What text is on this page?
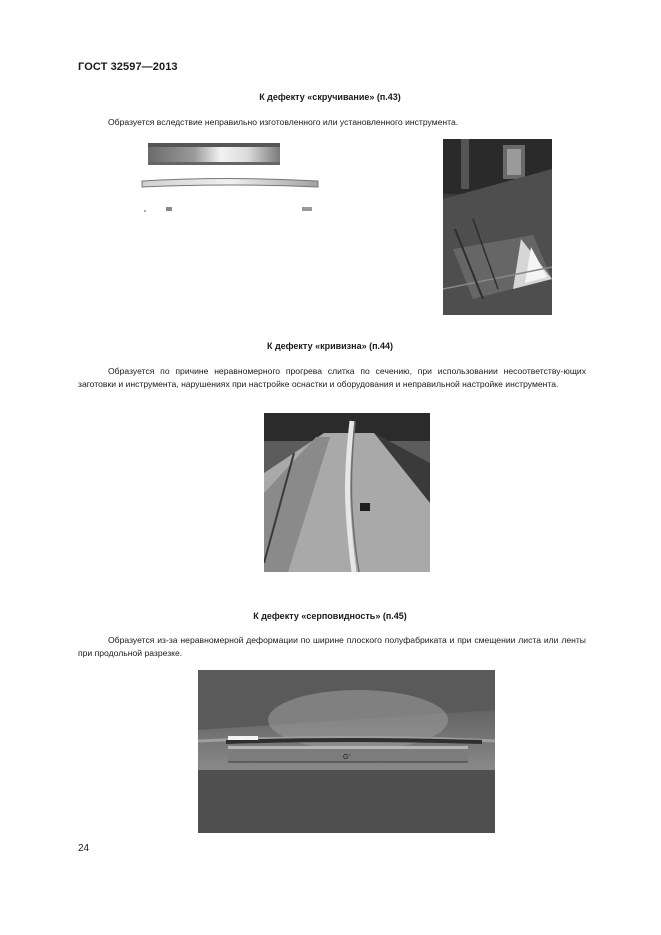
ГОСТ 32597—2013
К дефекту «скручивание» (п.43)
Образуется вследствие неправильно изготовленного или установленного инструмента.
К дефекту «кривизна» (п.44)
Образуется по причине неравномерного прогрева слитка по сечению, при использовании несоответству-ющих заготовки и инструмента, нарушениях при настройке оснастки и оборудования и неправильной настройке инструмента.
К дефекту «серповидность» (п.45)
Образуется из-за неравномерной деформации по ширине плоского полуфабриката и при смещении листа или ленты при продольной разрезке.
G'
24
